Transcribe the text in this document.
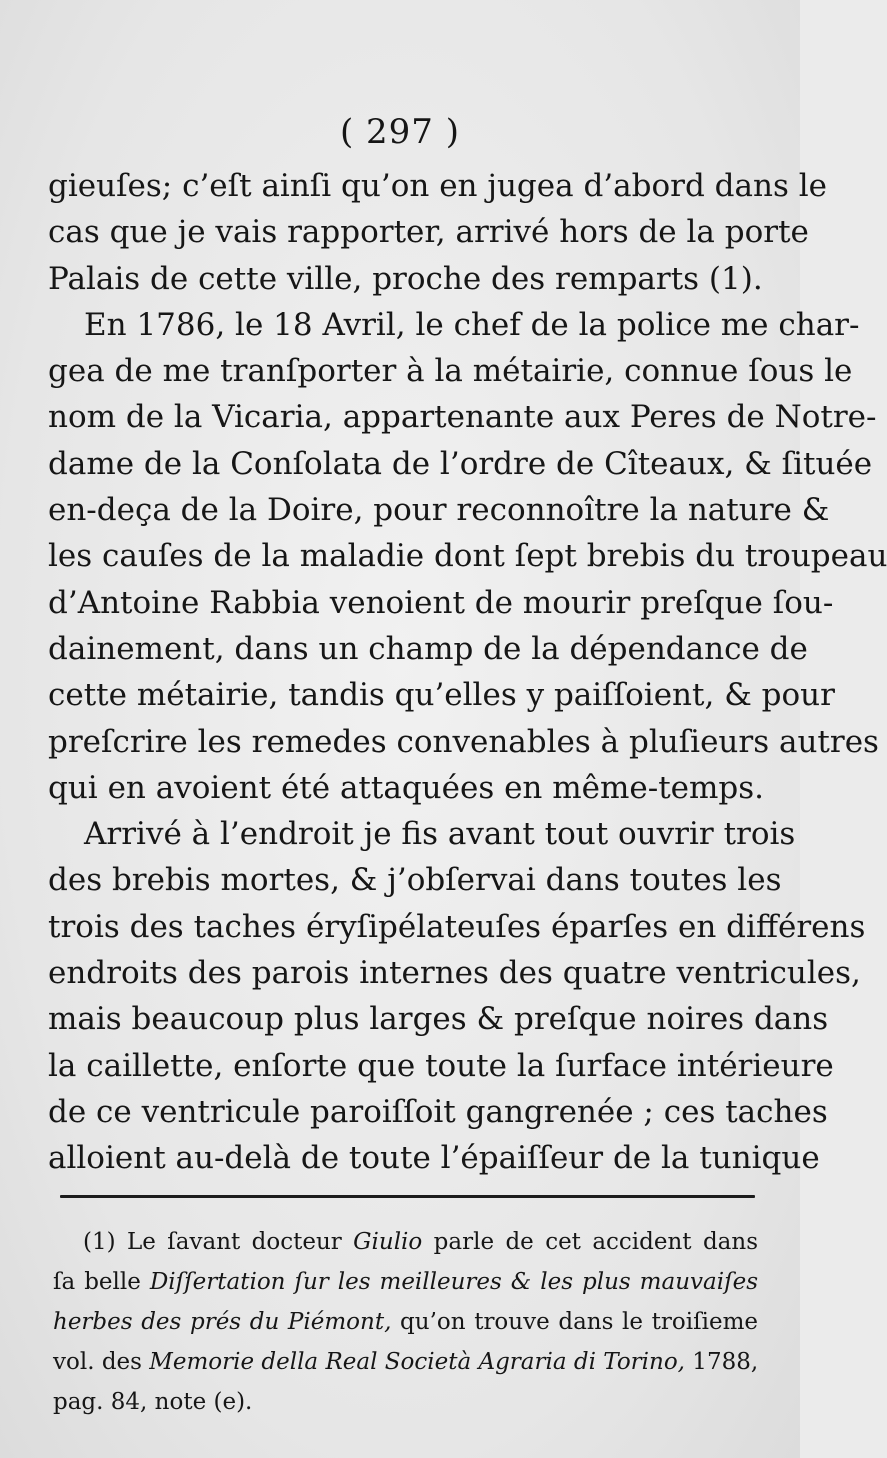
( 297 )
gieuſes; c’eſt ainſi qu’on en jugea d’abord dans le
cas que je vais rapporter, arrivé hors de la porte
Palais de cette ville, proche des remparts (1).
En 1786, le 18 Avril, le chef de la police me char-
gea de me tranſporter à la métairie, connue ſous le
nom de la Vicaria, appartenante aux Peres de Notre-
dame de la Conſolata de l’ordre de Cîteaux, & ſituée
en-deça de la Doire, pour reconnoître la nature &
les cauſes de la maladie dont ſept brebis du troupeau
d’Antoine Rabbia venoient de mourir preſque ſou-
dainement, dans un champ de la dépendance de
cette métairie, tandis qu’elles y paiſſoient, & pour
preſcrire les remedes convenables à pluſieurs autres
qui en avoient été attaquées en même-temps.
Arrivé à l’endroit je fis avant tout ouvrir trois
des brebis mortes, & j’obſervai dans toutes les
trois des taches éryſipélateuſes éparſes en différens
endroits des parois internes des quatre ventricules,
mais beaucoup plus larges & preſque noires dans
la caillette, enſorte que toute la ſurface intérieure
de ce ventricule paroiſſoit gangrenée ; ces taches
alloient au-delà de toute l’épaiſſeur de la tunique
(1) Le ſavant docteur Giulio parle de cet accident dans
ſa belle Diſſertation ſur les meilleures & les plus mauvaiſes
herbes des prés du Piémont, qu’on trouve dans le troiſieme
vol. des Memorie della Real Società Agraria di Torino, 1788,
pag. 84, note (e).
